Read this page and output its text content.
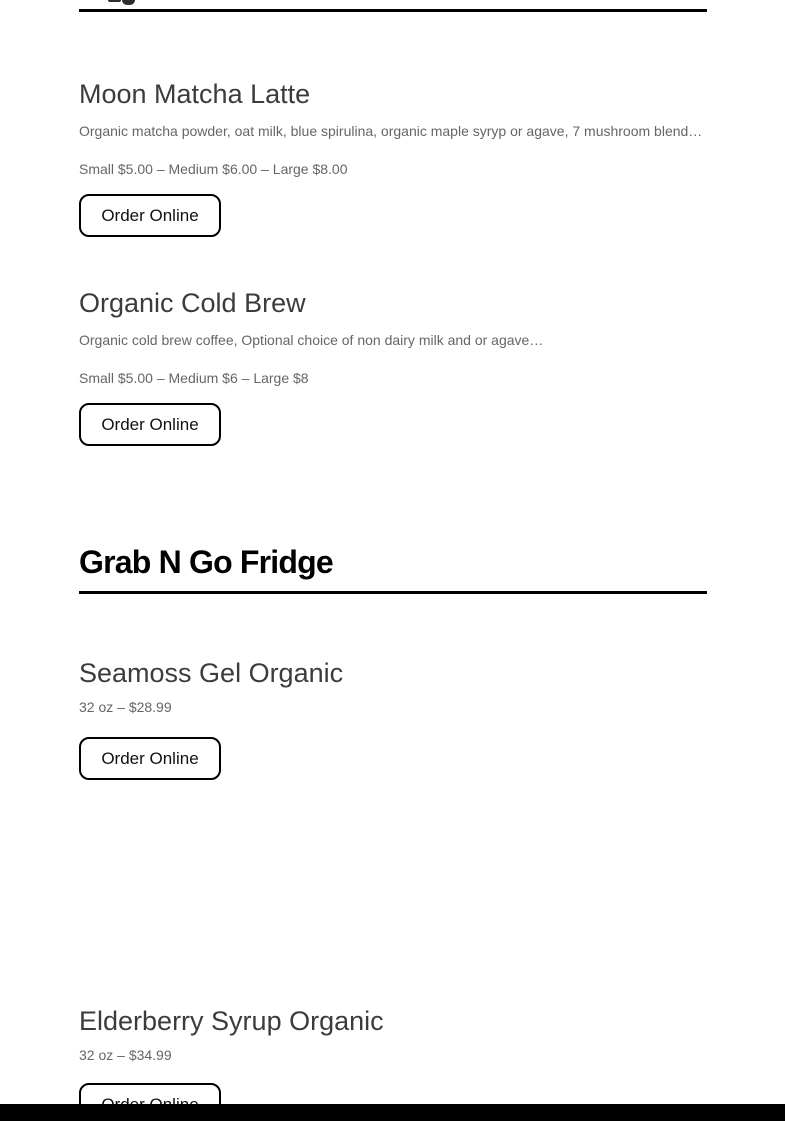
Moon Matcha Latte

Organic matcha powder, oat milk, blue spirulina, organic maple syryp or agave, 7 mushroom blend…

Small $5.00 – Medium $6.00 – Large $8.00

Order Online
Organic Cold Brew

Organic cold brew coffee, Optional choice of non dairy milk and or agave…

Small $5.00 – Medium $6 – Large $8

Order Online
Grab N Go Fridge
Seamoss Gel Organic

32 oz – $28.99

Order Online
Elderberry Syrup Organic

32 oz – $34.99
